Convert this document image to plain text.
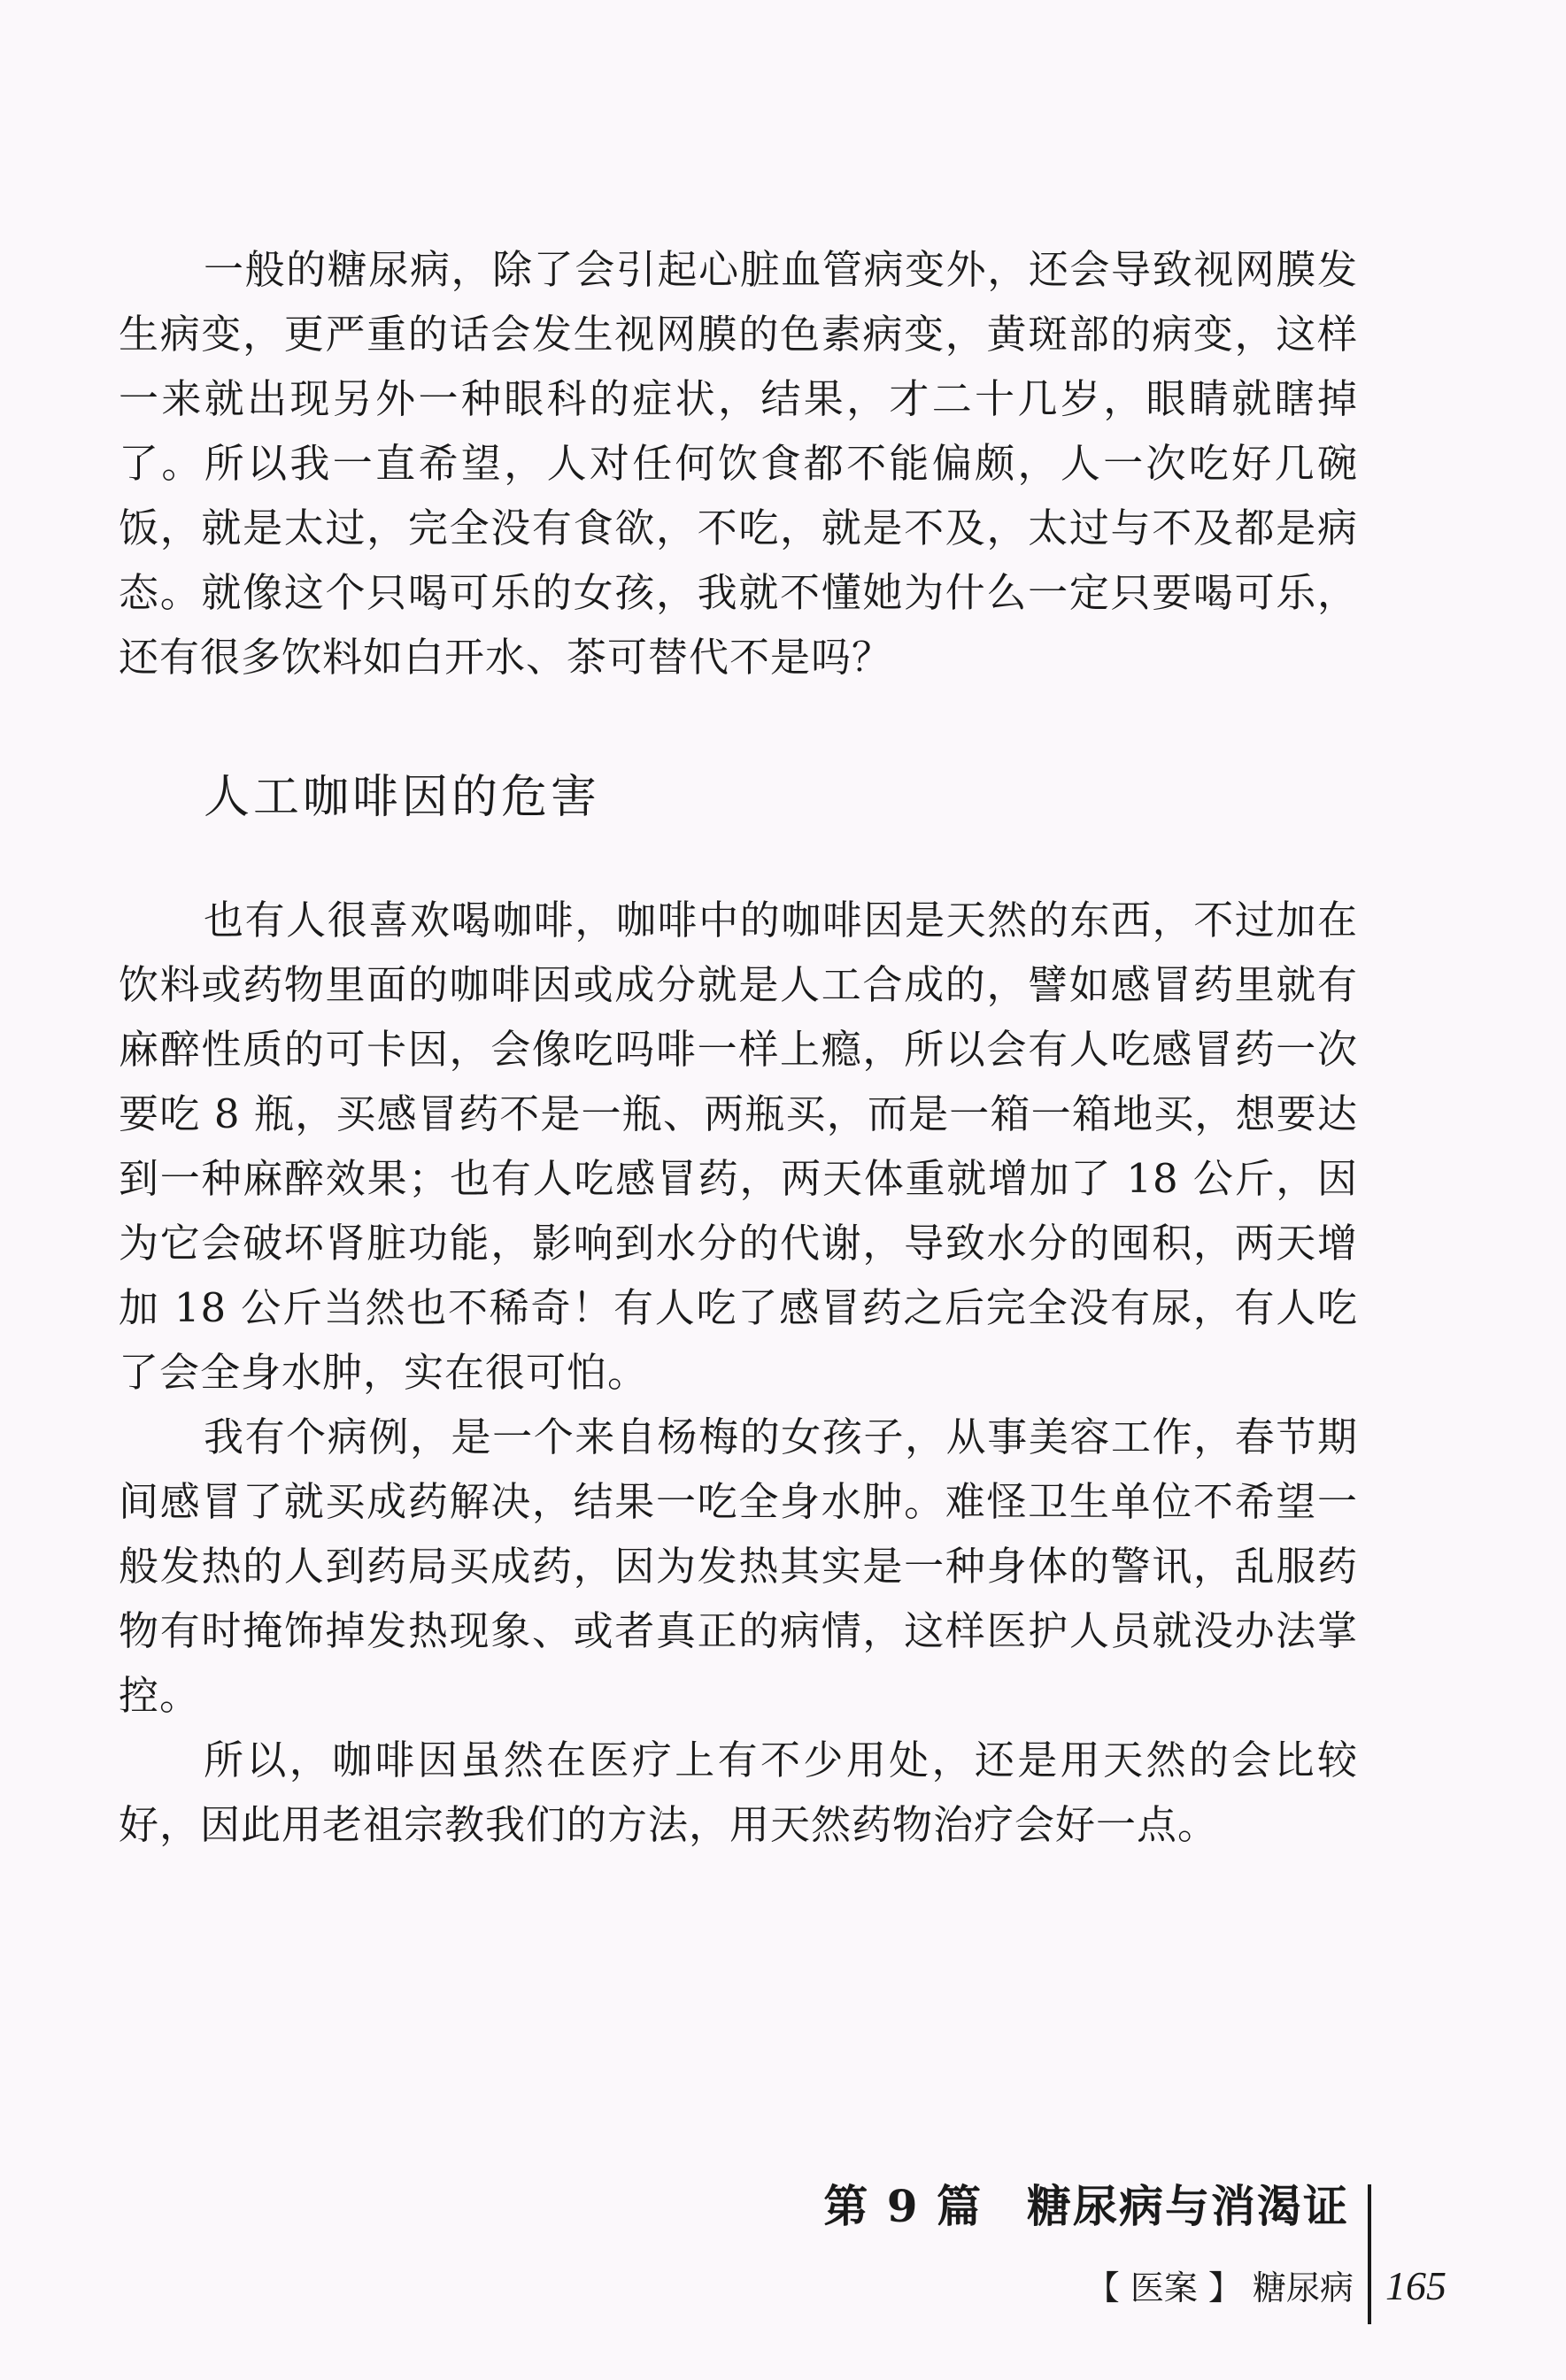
一般的糖尿病，除了会引起心脏血管病变外，还会导致视网膜发生病变，更严重的话会发生视网膜的色素病变，黄斑部的病变，这样一来就出现另外一种眼科的症状，结果，才二十几岁，眼睛就瞎掉了。所以我一直希望，人对任何饮食都不能偏颇，人一次吃好几碗饭，就是太过，完全没有食欲，不吃，就是不及，太过与不及都是病态。就像这个只喝可乐的女孩，我就不懂她为什么一定只要喝可乐，还有很多饮料如白开水、茶可替代不是吗？

人工咖啡因的危害

也有人很喜欢喝咖啡，咖啡中的咖啡因是天然的东西，不过加在饮料或药物里面的咖啡因或成分就是人工合成的，譬如感冒药里就有麻醉性质的可卡因，会像吃吗啡一样上瘾，所以会有人吃感冒药一次要吃 8 瓶，买感冒药不是一瓶、两瓶买，而是一箱一箱地买，想要达到一种麻醉效果；也有人吃感冒药，两天体重就增加了 18 公斤，因为它会破坏肾脏功能，影响到水分的代谢，导致水分的囤积，两天增加 18 公斤当然也不稀奇！有人吃了感冒药之后完全没有尿，有人吃了会全身水肿，实在很可怕。

我有个病例，是一个来自杨梅的女孩子，从事美容工作，春节期间感冒了就买成药解决，结果一吃全身水肿。难怪卫生单位不希望一般发热的人到药局买成药，因为发热其实是一种身体的警讯，乱服药物有时掩饰掉发热现象、或者真正的病情，这样医护人员就没办法掌控。

所以，咖啡因虽然在医疗上有不少用处，还是用天然的会比较好，因此用老祖宗教我们的方法，用天然药物治疗会好一点。

第 9 篇 糖尿病与消渴证
【 医案 】 糖尿病 165
